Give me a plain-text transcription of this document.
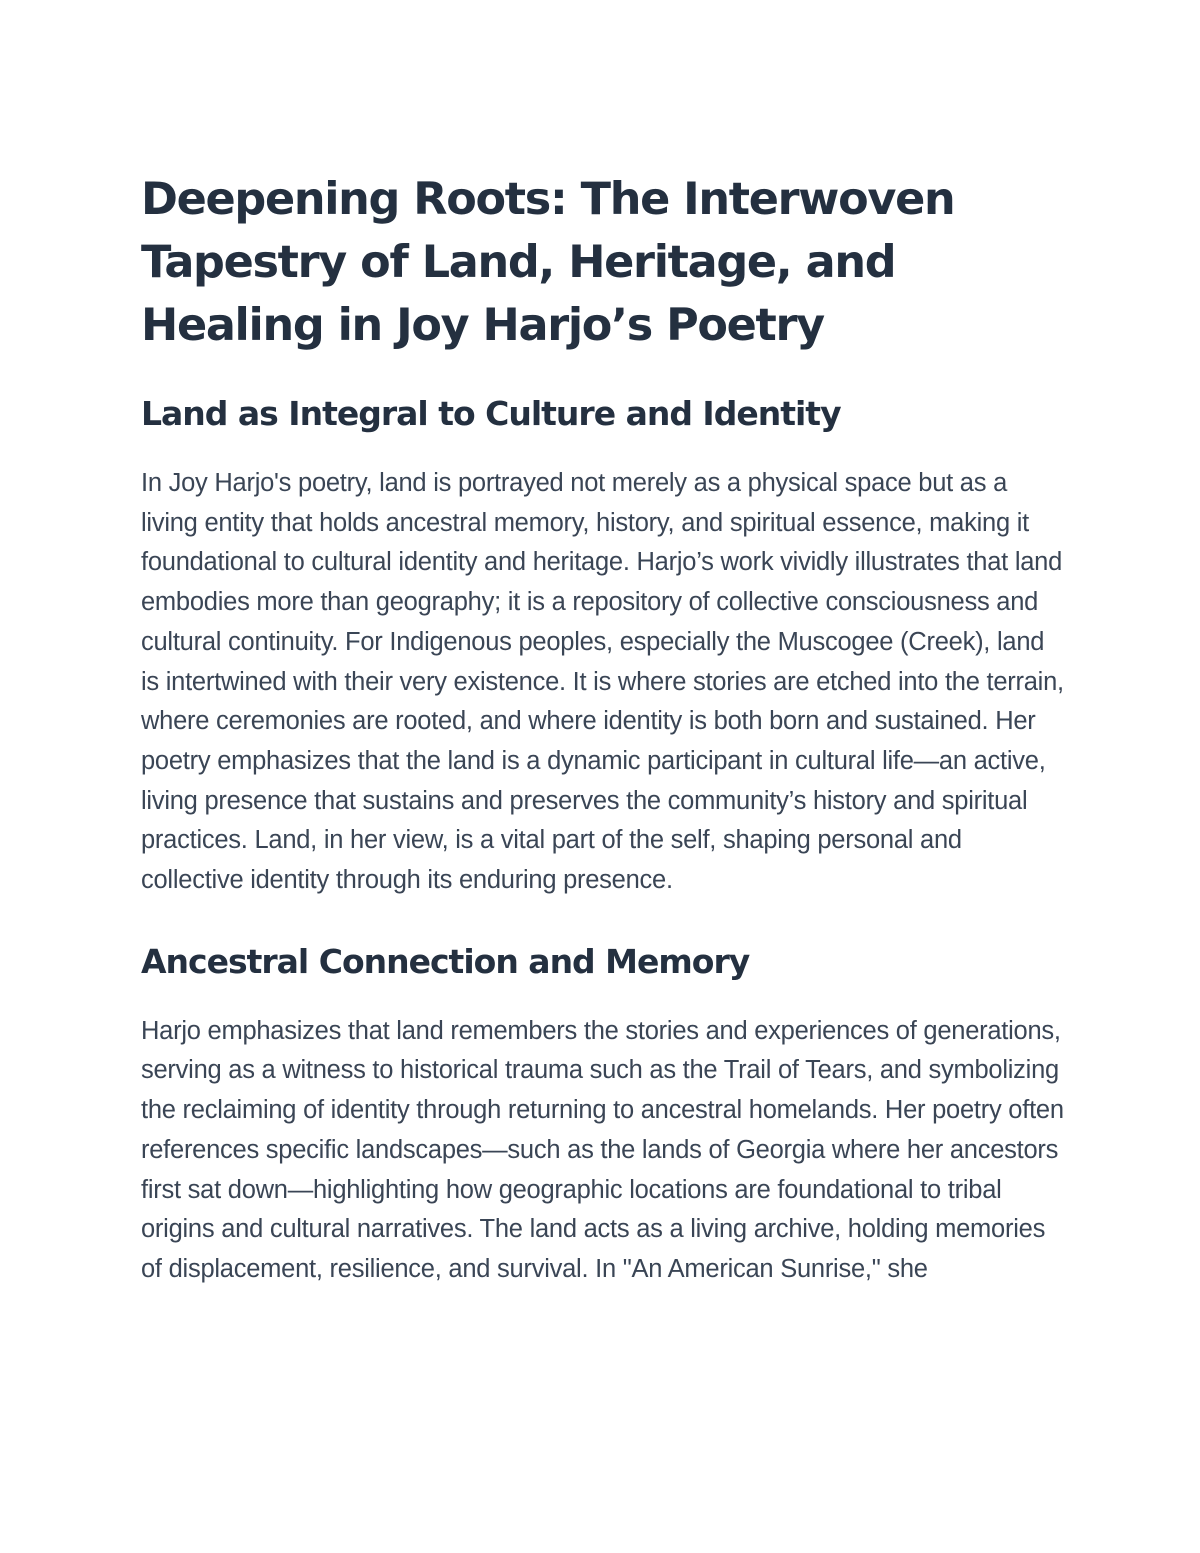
Deepening Roots: The Interwoven Tapestry of Land, Heritage, and Healing in Joy Harjo’s Poetry
Land as Integral to Culture and Identity

In Joy Harjo's poetry, land is portrayed not merely as a physical space but as a living entity that holds ancestral memory, history, and spiritual essence, making it foundational to cultural identity and heritage. Harjo’s work vividly illustrates that land embodies more than geography; it is a repository of collective consciousness and cultural continuity. For Indigenous peoples, especially the Muscogee (Creek), land is intertwined with their very existence. It is where stories are etched into the terrain, where ceremonies are rooted, and where identity is both born and sustained. Her poetry emphasizes that the land is a dynamic participant in cultural life—an active, living presence that sustains and preserves the community’s history and spiritual practices. Land, in her view, is a vital part of the self, shaping personal and collective identity through its enduring presence.

Ancestral Connection and Memory

Harjo emphasizes that land remembers the stories and experiences of generations, serving as a witness to historical trauma such as the Trail of Tears, and symbolizing the reclaiming of identity through returning to ancestral homelands. Her poetry often references specific landscapes—such as the lands of Georgia where her ancestors first sat down—highlighting how geographic locations are foundational to tribal origins and cultural narratives. The land acts as a living archive, holding memories of displacement, resilience, and survival. In "An American Sunrise," she
